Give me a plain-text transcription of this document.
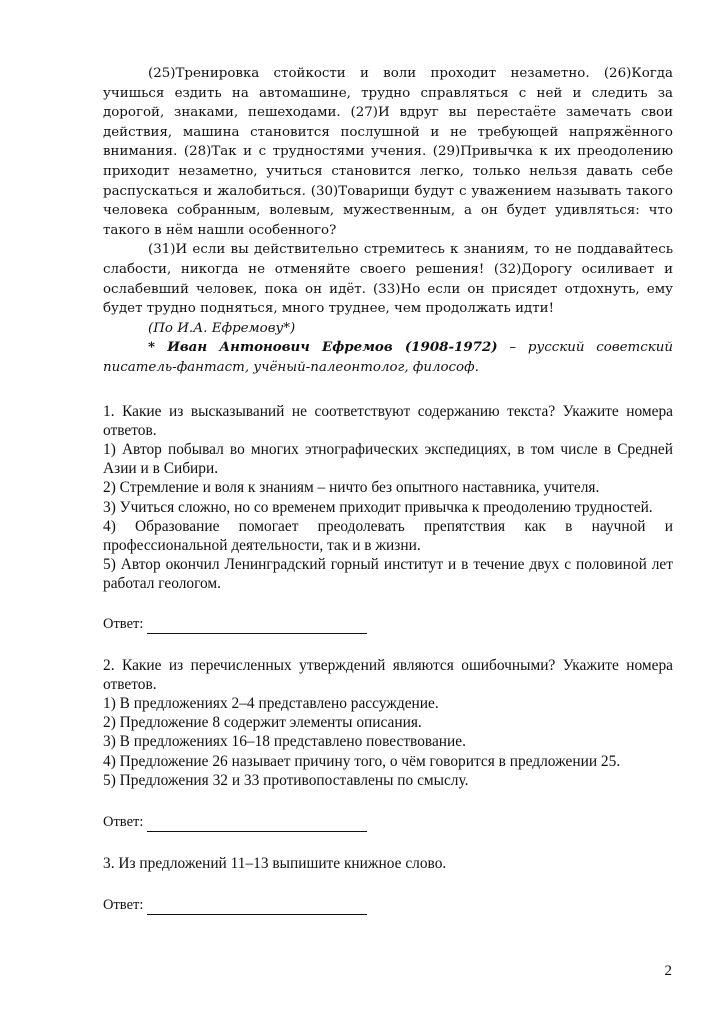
(25)Тренировка стойкости и воли проходит незаметно. (26)Когда учишься ездить на автомашине, трудно справляться с ней и следить за дорогой, знаками, пешеходами. (27)И вдруг вы перестаёте замечать свои действия, машина становится послушной и не требующей напряжённого внимания. (28)Так и с трудностями учения. (29)Привычка к их преодолению приходит незаметно, учиться становится легко, только нельзя давать себе распускаться и жалобиться. (30)Товарищи будут с уважением называть такого человека собранным, волевым, мужественным, а он будет удивляться: что такого в нём нашли особенного?

(31)И если вы действительно стремитесь к знаниям, то не поддавайтесь слабости, никогда не отменяйте своего решения! (32)Дорогу осиливает и ослабевший человек, пока он идёт. (33)Но если он присядет отдохнуть, ему будет трудно подняться, много труднее, чем продолжать идти!

(По И.А. Ефремову*)

* Иван Антонович Ефремов (1908-1972) – русский советский писатель-фантаст, учёный-палеонтолог, философ.

1. Какие из высказываний не соответствуют содержанию текста? Укажите номера ответов.

1) Автор побывал во многих этнографических экспедициях, в том числе в Средней Азии и в Сибири.

2) Стремление и воля к знаниям – ничто без опытного наставника, учителя.

3) Учиться сложно, но со временем приходит привычка к преодолению трудностей.

4) Образование помогает преодолевать препятствия как в научной и профессиональной деятельности, так и в жизни.

5) Автор окончил Ленинградский горный институт и в течение двух с половиной лет работал геологом.

Ответ:

2. Какие из перечисленных утверждений являются ошибочными? Укажите номера ответов.

1) В предложениях 2–4 представлено рассуждение.

2) Предложение 8 содержит элементы описания.

3) В предложениях 16–18 представлено повествование.

4) Предложение 26 называет причину того, о чём говорится в предложении 25.

5) Предложения 32 и 33 противопоставлены по смыслу.

Ответ:

3. Из предложений 11–13 выпишите книжное слово.

Ответ:
2
